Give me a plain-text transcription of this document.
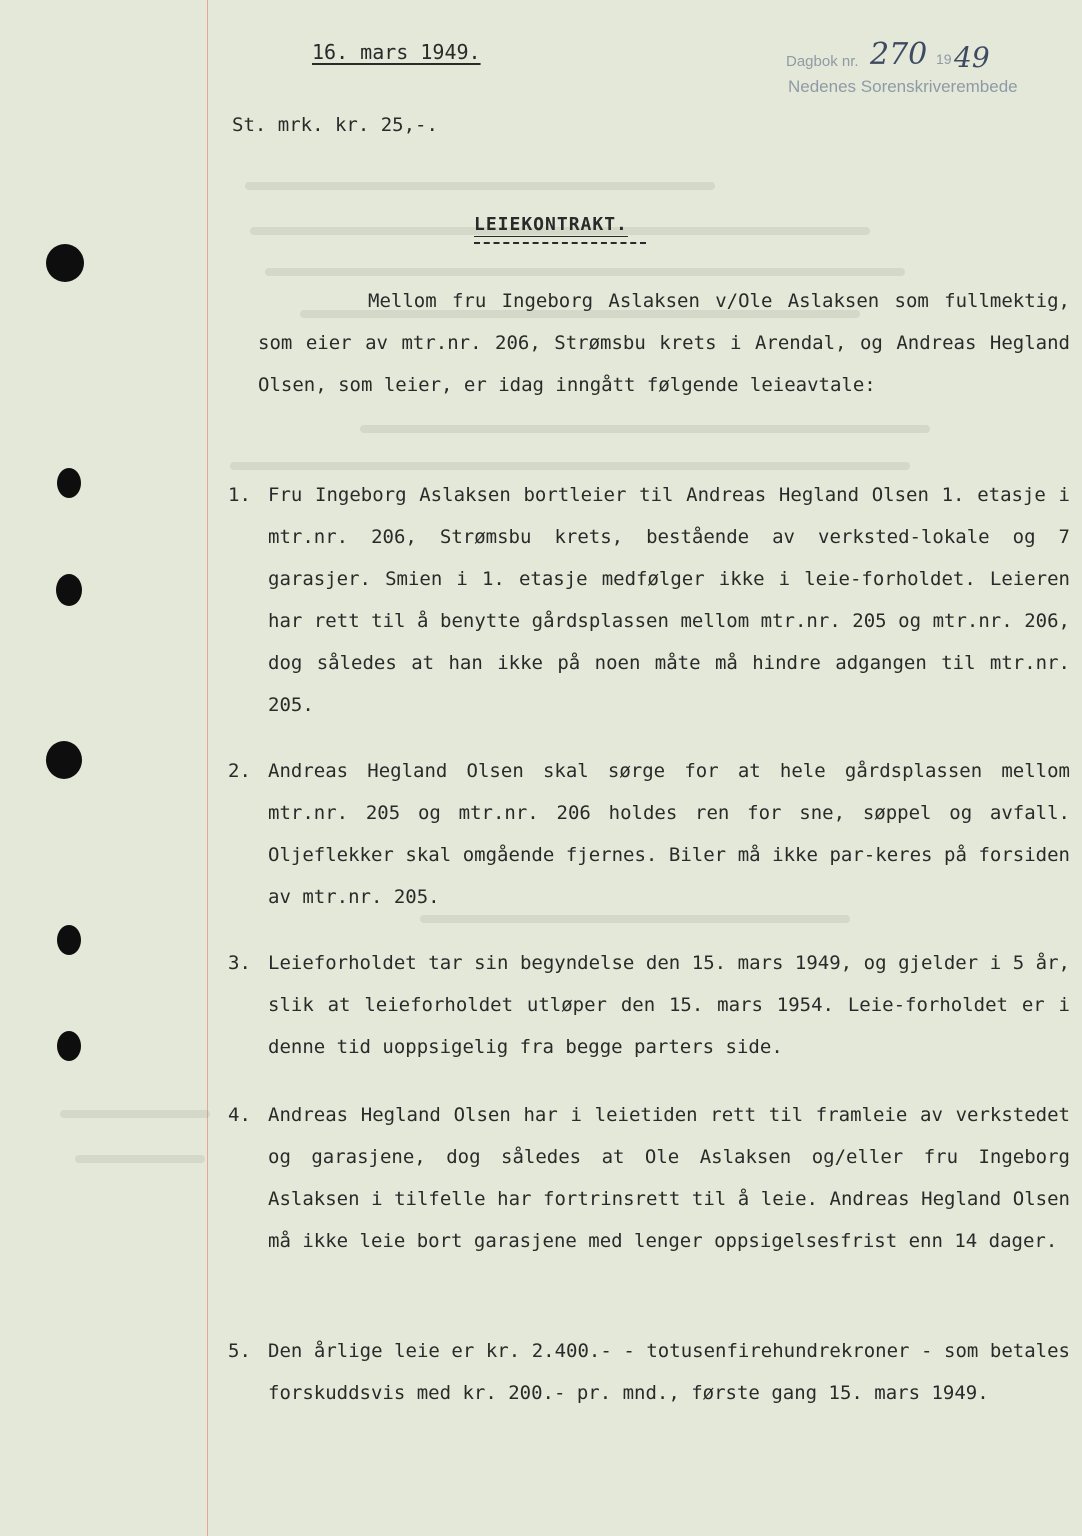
16. mars 1949.	Dagbok nr. 270 19 49
Nedenes Sorenskriverembede
St. mrk. kr. 25,-.
LEIEKONTRAKT.
Mellom fru Ingeborg Aslaksen v/Ole Aslaksen som fullmektig, som eier av mtr.nr. 206, Strømsbu krets i Arendal, og Andreas Hegland Olsen, som leier, er idag inngått følgende leieavtale:
1. Fru Ingeborg Aslaksen bortleier til Andreas Hegland Olsen 1. etasje i mtr.nr. 206, Strømsbu krets, bestående av verksted-lokale og 7 garasjer. Smien i 1. etasje medfølger ikke i leie-forholdet. Leieren har rett til å benytte gårdsplassen mellom mtr.nr. 205 og mtr.nr. 206, dog således at han ikke på noen måte må hindre adgangen til mtr.nr. 205.
2. Andreas Hegland Olsen skal sørge for at hele gårdsplassen mellom mtr.nr. 205 og mtr.nr. 206 holdes ren for sne, søppel og avfall. Oljeflekker skal omgående fjernes. Biler må ikke par-keres på forsiden av mtr.nr. 205.
3. Leieforholdet tar sin begyndelse den 15. mars 1949, og gjelder i 5 år, slik at leieforholdet utløper den 15. mars 1954. Leie-forholdet er i denne tid uoppsigelig fra begge parters side.
4. Andreas Hegland Olsen har i leietiden rett til framleie av verkstedet og garasjene, dog således at Ole Aslaksen og/eller fru Ingeborg Aslaksen i tilfelle har fortrinsrett til å leie. Andreas Hegland Olsen må ikke leie bort garasjene med lenger oppsigelsesfrist enn 14 dager.
5. Den årlige leie er kr. 2.400.- - totusenfirehundrekroner - som betales forskuddsvis med kr. 200.- pr. mnd., første gang 15. mars 1949.
